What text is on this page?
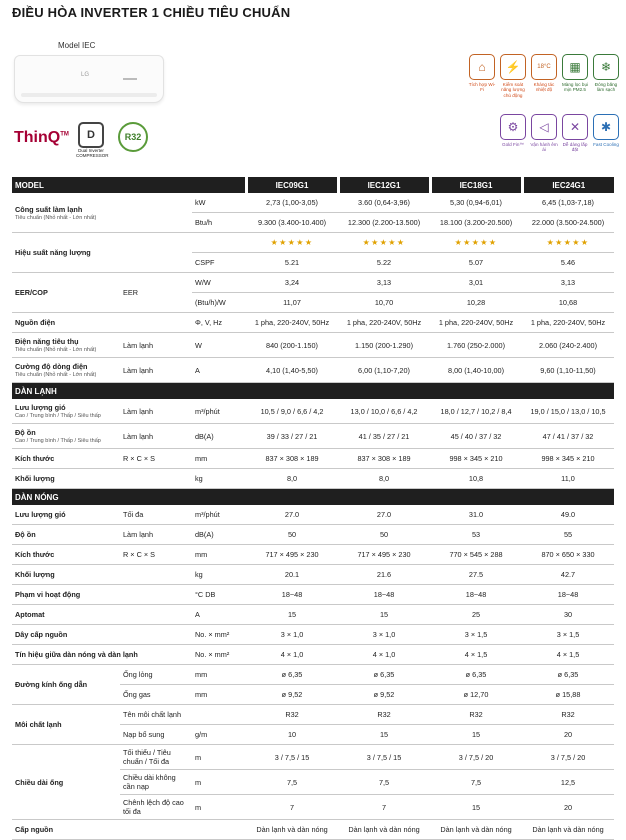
ĐIỀU HÒA INVERTER 1 CHIỀU TIÊU CHUẨN
Model IEC
LG
ThinQ™	D
Dual Inverter
COMPRESSOR
R32
⌂
Tích hợp Wi-Fi
⚡
Kiểm soát năng lượng chủ động
18°C
Kháng tác nhiệt độ
▦
Màng lọc bụi mịn PM2.5
❄
Đóng băng làm sạch
⚙
Gold Fin™
◁
Vận hành êm ái
✕
Dễ dàng lắp đặt
✱
Fast Cooling
MODEL			IEC09G1	IEC12G1	IEC18G1	IEC24G1
Công suất làm lạnh
Tiêu chuẩn (Nhỏ nhất - Lớn nhất)		kW	2,73 (1,00-3,05)	3.60 (0,64-3,96)	5,30 (0,94-6,01)	6,45 (1,03-7,18)
		Btu/h	9.300 (3.400-10.400)	12.300 (2.200-13.500)	18.100 (3.200-20.500)	22.000 (3.500-24.500)
Hiệu suất năng lượng			★★★★★	★★★★★	★★★★★	★★★★★
		CSPF	5.21	5.22	5.07	5.46
EER/COP	EER	W/W	3,24	3,13	3,01	3,13
		(Btu/h)/W	11,07	10,70	10,28	10,68
Nguồn điện		Φ, V, Hz	1 pha, 220-240V, 50Hz	1 pha, 220-240V, 50Hz	1 pha, 220-240V, 50Hz	1 pha, 220-240V, 50Hz
Điện năng tiêu thụ
Tiêu chuẩn (Nhỏ nhất - Lớn nhất)	Làm lạnh	W	840 (200-1.150)	1.150 (200-1.290)	1.760 (250-2.000)	2.060 (240-2.400)
Cường độ dòng điện
Tiêu chuẩn (Nhỏ nhất - Lớn nhất)	Làm lạnh	A	4,10 (1,40-5,50)	6,00 (1,10-7,20)	8,00 (1,40-10,00)	9,60 (1,10-11,50)
DÀN LẠNH						
Lưu lượng gió
Cao / Trung bình / Thấp / Siêu thấp	Làm lạnh	m³/phút	10,5 / 9,0 / 6,6 / 4,2	13,0 / 10,0 / 6,6 / 4,2	18,0 / 12,7 / 10,2 / 8,4	19,0 / 15,0 / 13,0 / 10,5
Độ ồn
Cao / Trung bình / Thấp / Siêu thấp	Làm lạnh	dB(A)	39 / 33 / 27 / 21	41 / 35 / 27 / 21	45 / 40 / 37 / 32	47 / 41 / 37 / 32
Kích thước	R × C × S	mm	837 × 308 × 189	837 × 308 × 189	998 × 345 × 210	998 × 345 × 210
Khối lượng		kg	8,0	8,0	10,8	11,0
DÀN NÓNG						
Lưu lượng gió	Tối đa	m³/phút	27.0	27.0	31.0	49.0
Độ ồn	Làm lạnh	dB(A)	50	50	53	55
Kích thước	R × C × S	mm	717 × 495 × 230	717 × 495 × 230	770 × 545 × 288	870 × 650 × 330
Khối lượng		kg	20.1	21.6	27.5	42.7
Phạm vi hoạt động		°C DB	18~48	18~48	18~48	18~48
Aptomat		A	15	15	25	30
Dây cấp nguồn		No. × mm²	3 × 1,0	3 × 1,0	3 × 1,5	3 × 1,5
Tín hiệu giữa dàn nóng và dàn lạnh		No. × mm²	4 × 1,0	4 × 1,0	4 × 1,5	4 × 1,5
Đường kính ống dẫn	Ống lỏng	mm	ø 6,35	ø 6,35	ø 6,35	ø 6,35
	Ống gas	mm	ø 9,52	ø 9,52	ø 12,70	ø 15,88
Môi chất lạnh	Tên môi chất lạnh		R32	R32	R32	R32
	Nạp bổ sung	g/m	10	15	15	20
Chiều dài ống	Tối thiểu / Tiêu chuẩn / Tối đa	m	3 / 7,5 / 15	3 / 7,5 / 15	3 / 7,5 / 20	3 / 7,5 / 20
	Chiều dài không cần nạp	m	7,5	7,5	7,5	12,5
	Chênh lệch độ cao tối đa	m	7	7	15	20
Cấp nguồn			Dàn lạnh và dàn nóng	Dàn lạnh và dàn nóng	Dàn lạnh và dàn nóng	Dàn lạnh và dàn nóng
